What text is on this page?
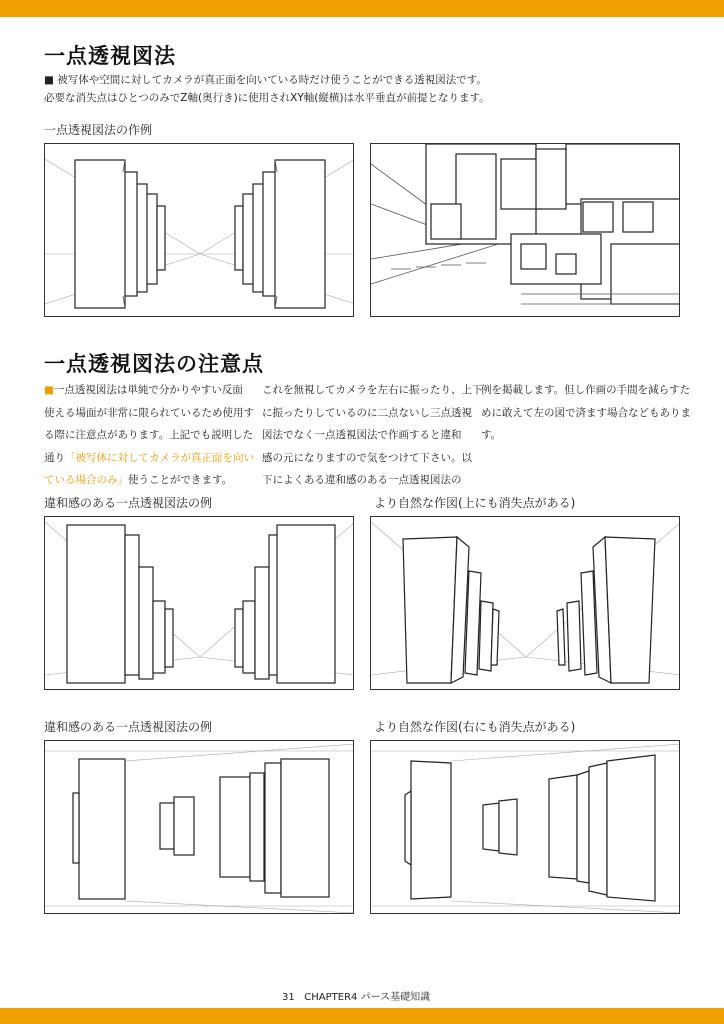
一点透視図法
■ 被写体や空間に対してカメラが真正面を向いている時だけ使うことができる透視図法です。
必要な消失点はひとつのみでZ軸(奥行き)に使用されXY軸(縦横)は水平垂直が前提となります。
一点透視図法の作例
一点透視図法の注意点
■一点透視図法は単純で分かりやすい反面
使える場面が非常に限られているため使用す
る際に注意点があります。上記でも説明した
通り「被写体に対してカメラが真正面を向い
ている場合のみ」使うことができます。
これを無視してカメラを左右に振ったり、上下
に振ったりしているのに二点ないし三点透視
図法でなく一点透視図法で作画すると違和
感の元になりますので気をつけて下さい。以
下によくある違和感のある一点透視図法の
例を掲載します。但し作画の手間を減らすた
めに敢えて左の図で済ます場合などもありま
す。
違和感のある一点透視図法の例	より自然な作図(上にも消失点がある)
違和感のある一点透視図法の例	より自然な作図(右にも消失点がある)
31 CHAPTER4 パース基礎知識
